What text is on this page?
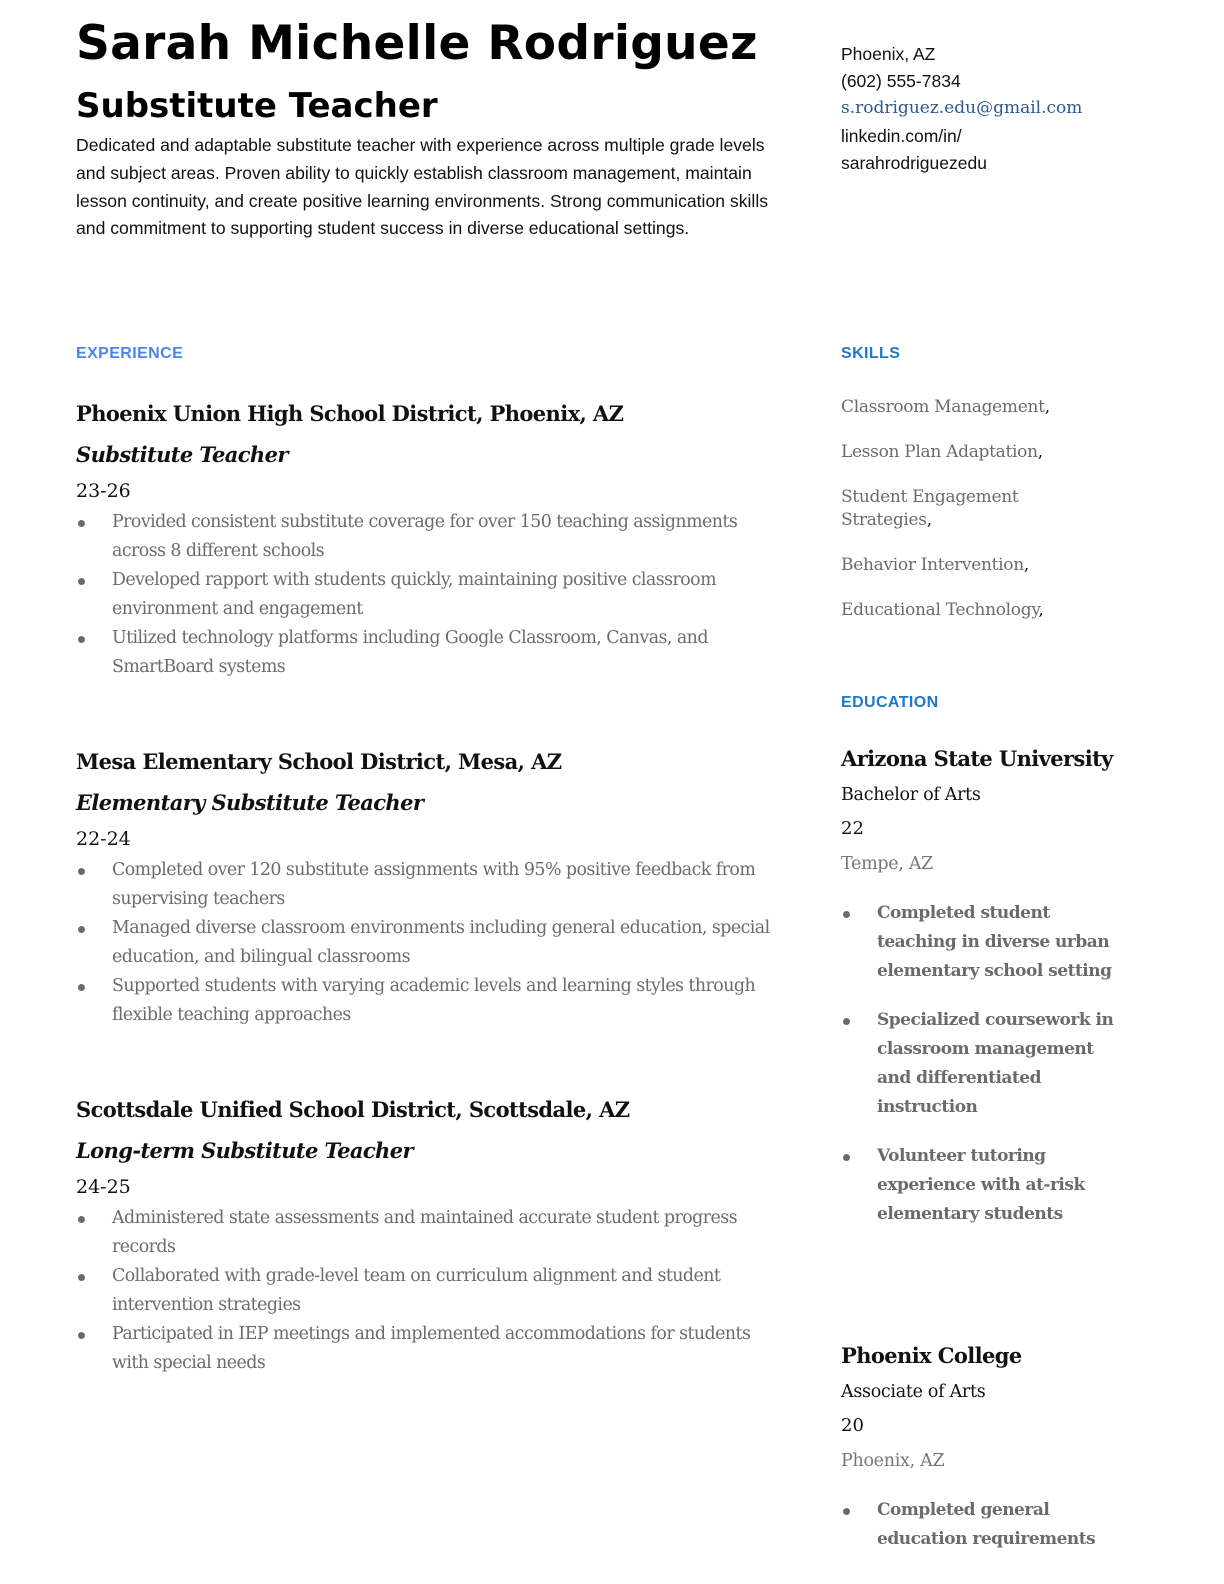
Sarah Michelle Rodriguez
Substitute Teacher

Dedicated and adaptable substitute teacher with experience across multiple grade levels and subject areas. Proven ability to quickly establish classroom management, maintain lesson continuity, and create positive learning environments. Strong communication skills and commitment to supporting student success in diverse educational settings.

Phoenix, AZ
(602) 555-7834
s.rodriguez.edu@gmail.com
linkedin.com/in/
sarahrodriguezedu
EXPERIENCE	SKILLS
EDUCATION
Phoenix Union High School District, Phoenix, AZ
Substitute Teacher
23-26
Provided consistent substitute coverage for over 150 teaching assignments across 8 different schools
Developed rapport with students quickly, maintaining positive classroom environment and engagement
Utilized technology platforms including Google Classroom, Canvas, and SmartBoard systems
Mesa Elementary School District, Mesa, AZ
Elementary Substitute Teacher
22-24
Completed over 120 substitute assignments with 95% positive feedback from supervising teachers
Managed diverse classroom environments including general education, special education, and bilingual classrooms
Supported students with varying academic levels and learning styles through flexible teaching approaches
Scottsdale Unified School District, Scottsdale, AZ
Long-term Substitute Teacher
24-25
Administered state assessments and maintained accurate student progress records
Collaborated with grade-level team on curriculum alignment and student intervention strategies
Participated in IEP meetings and implemented accommodations for students with special needs
Classroom Management,
Lesson Plan Adaptation,
Student Engagement Strategies,
Behavior Intervention,
Educational Technology,
Arizona State University
Bachelor of Arts
22
Tempe, AZ
Completed student teaching in diverse urban elementary school setting
Specialized coursework in classroom management and differentiated instruction
Volunteer tutoring experience with at-risk elementary students
Phoenix College
Associate of Arts
20
Phoenix, AZ
Completed general education requirements
